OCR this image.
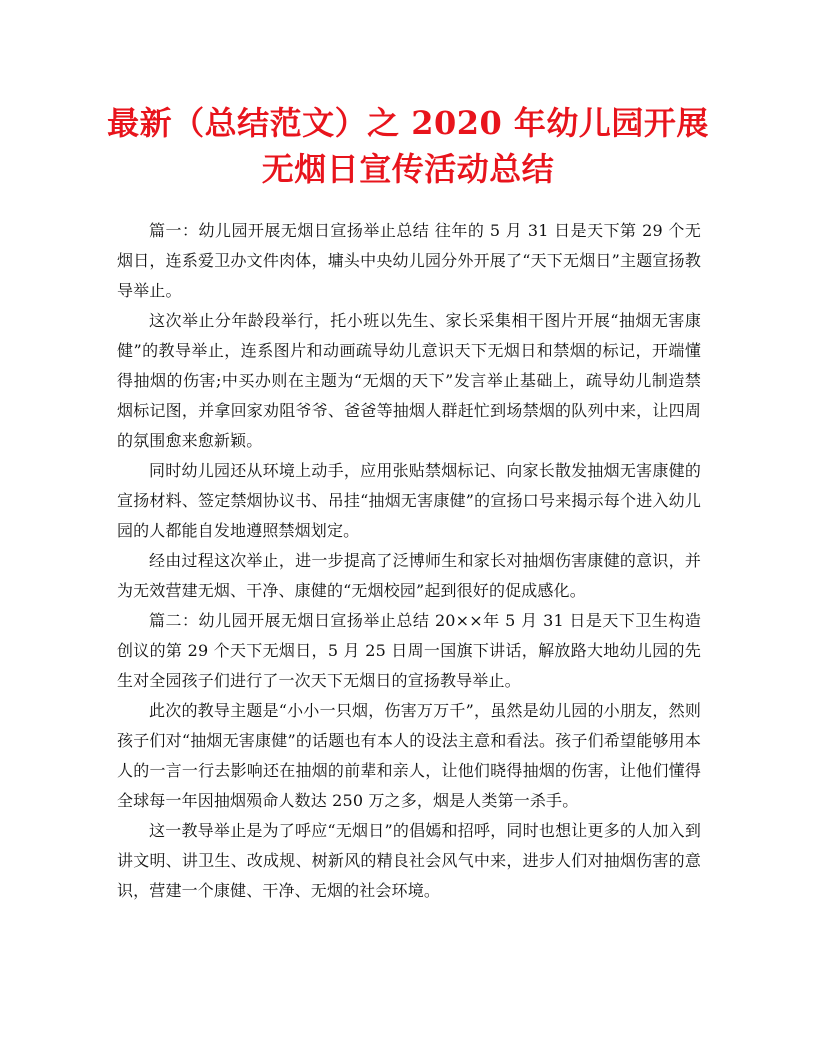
最新（总结范文）之 2020 年幼儿园开展
无烟日宣传活动总结

篇一：幼儿园开展无烟日宣扬举止总结 往年的 5 月 31 日是天下第 29 个无烟日，连系爱卫办文件肉体，墉头中央幼儿园分外开展了“天下无烟日”主题宣扬教导举止。

这次举止分年龄段举行，托小班以先生、家长采集相干图片开展“抽烟无害康健”的教导举止，连系图片和动画疏导幼儿意识天下无烟日和禁烟的标记，开端懂得抽烟的伤害;中买办则在主题为“无烟的天下”发言举止基础上，疏导幼儿制造禁烟标记图，并拿回家劝阻爷爷、爸爸等抽烟人群赶忙到场禁烟的队列中来，让四周的氛围愈来愈新颖。

同时幼儿园还从环境上动手，应用张贴禁烟标记、向家长散发抽烟无害康健的宣扬材料、签定禁烟协议书、吊挂“抽烟无害康健”的宣扬口号来揭示每个进入幼儿园的人都能自发地遵照禁烟划定。

经由过程这次举止，进一步提高了泛博师生和家长对抽烟伤害康健的意识，并为无效营建无烟、干净、康健的“无烟校园”起到很好的促成感化。

篇二：幼儿园开展无烟日宣扬举止总结 20××年 5 月 31 日是天下卫生构造创议的第 29 个天下无烟日，5 月 25 日周一国旗下讲话，解放路大地幼儿园的先生对全园孩子们进行了一次天下无烟日的宣扬教导举止。

此次的教导主题是“小小一只烟，伤害万万千”，虽然是幼儿园的小朋友，然则孩子们对“抽烟无害康健”的话题也有本人的设法主意和看法。孩子们希望能够用本人的一言一行去影响还在抽烟的前辈和亲人，让他们晓得抽烟的伤害，让他们懂得全球每一年因抽烟殒命人数达 250 万之多，烟是人类第一杀手。

这一教导举止是为了呼应“无烟日”的倡嫣和招呼，同时也想让更多的人加入到讲文明、讲卫生、改成规、树新风的精良社会风气中来，进步人们对抽烟伤害的意识，营建一个康健、干净、无烟的社会环境。
